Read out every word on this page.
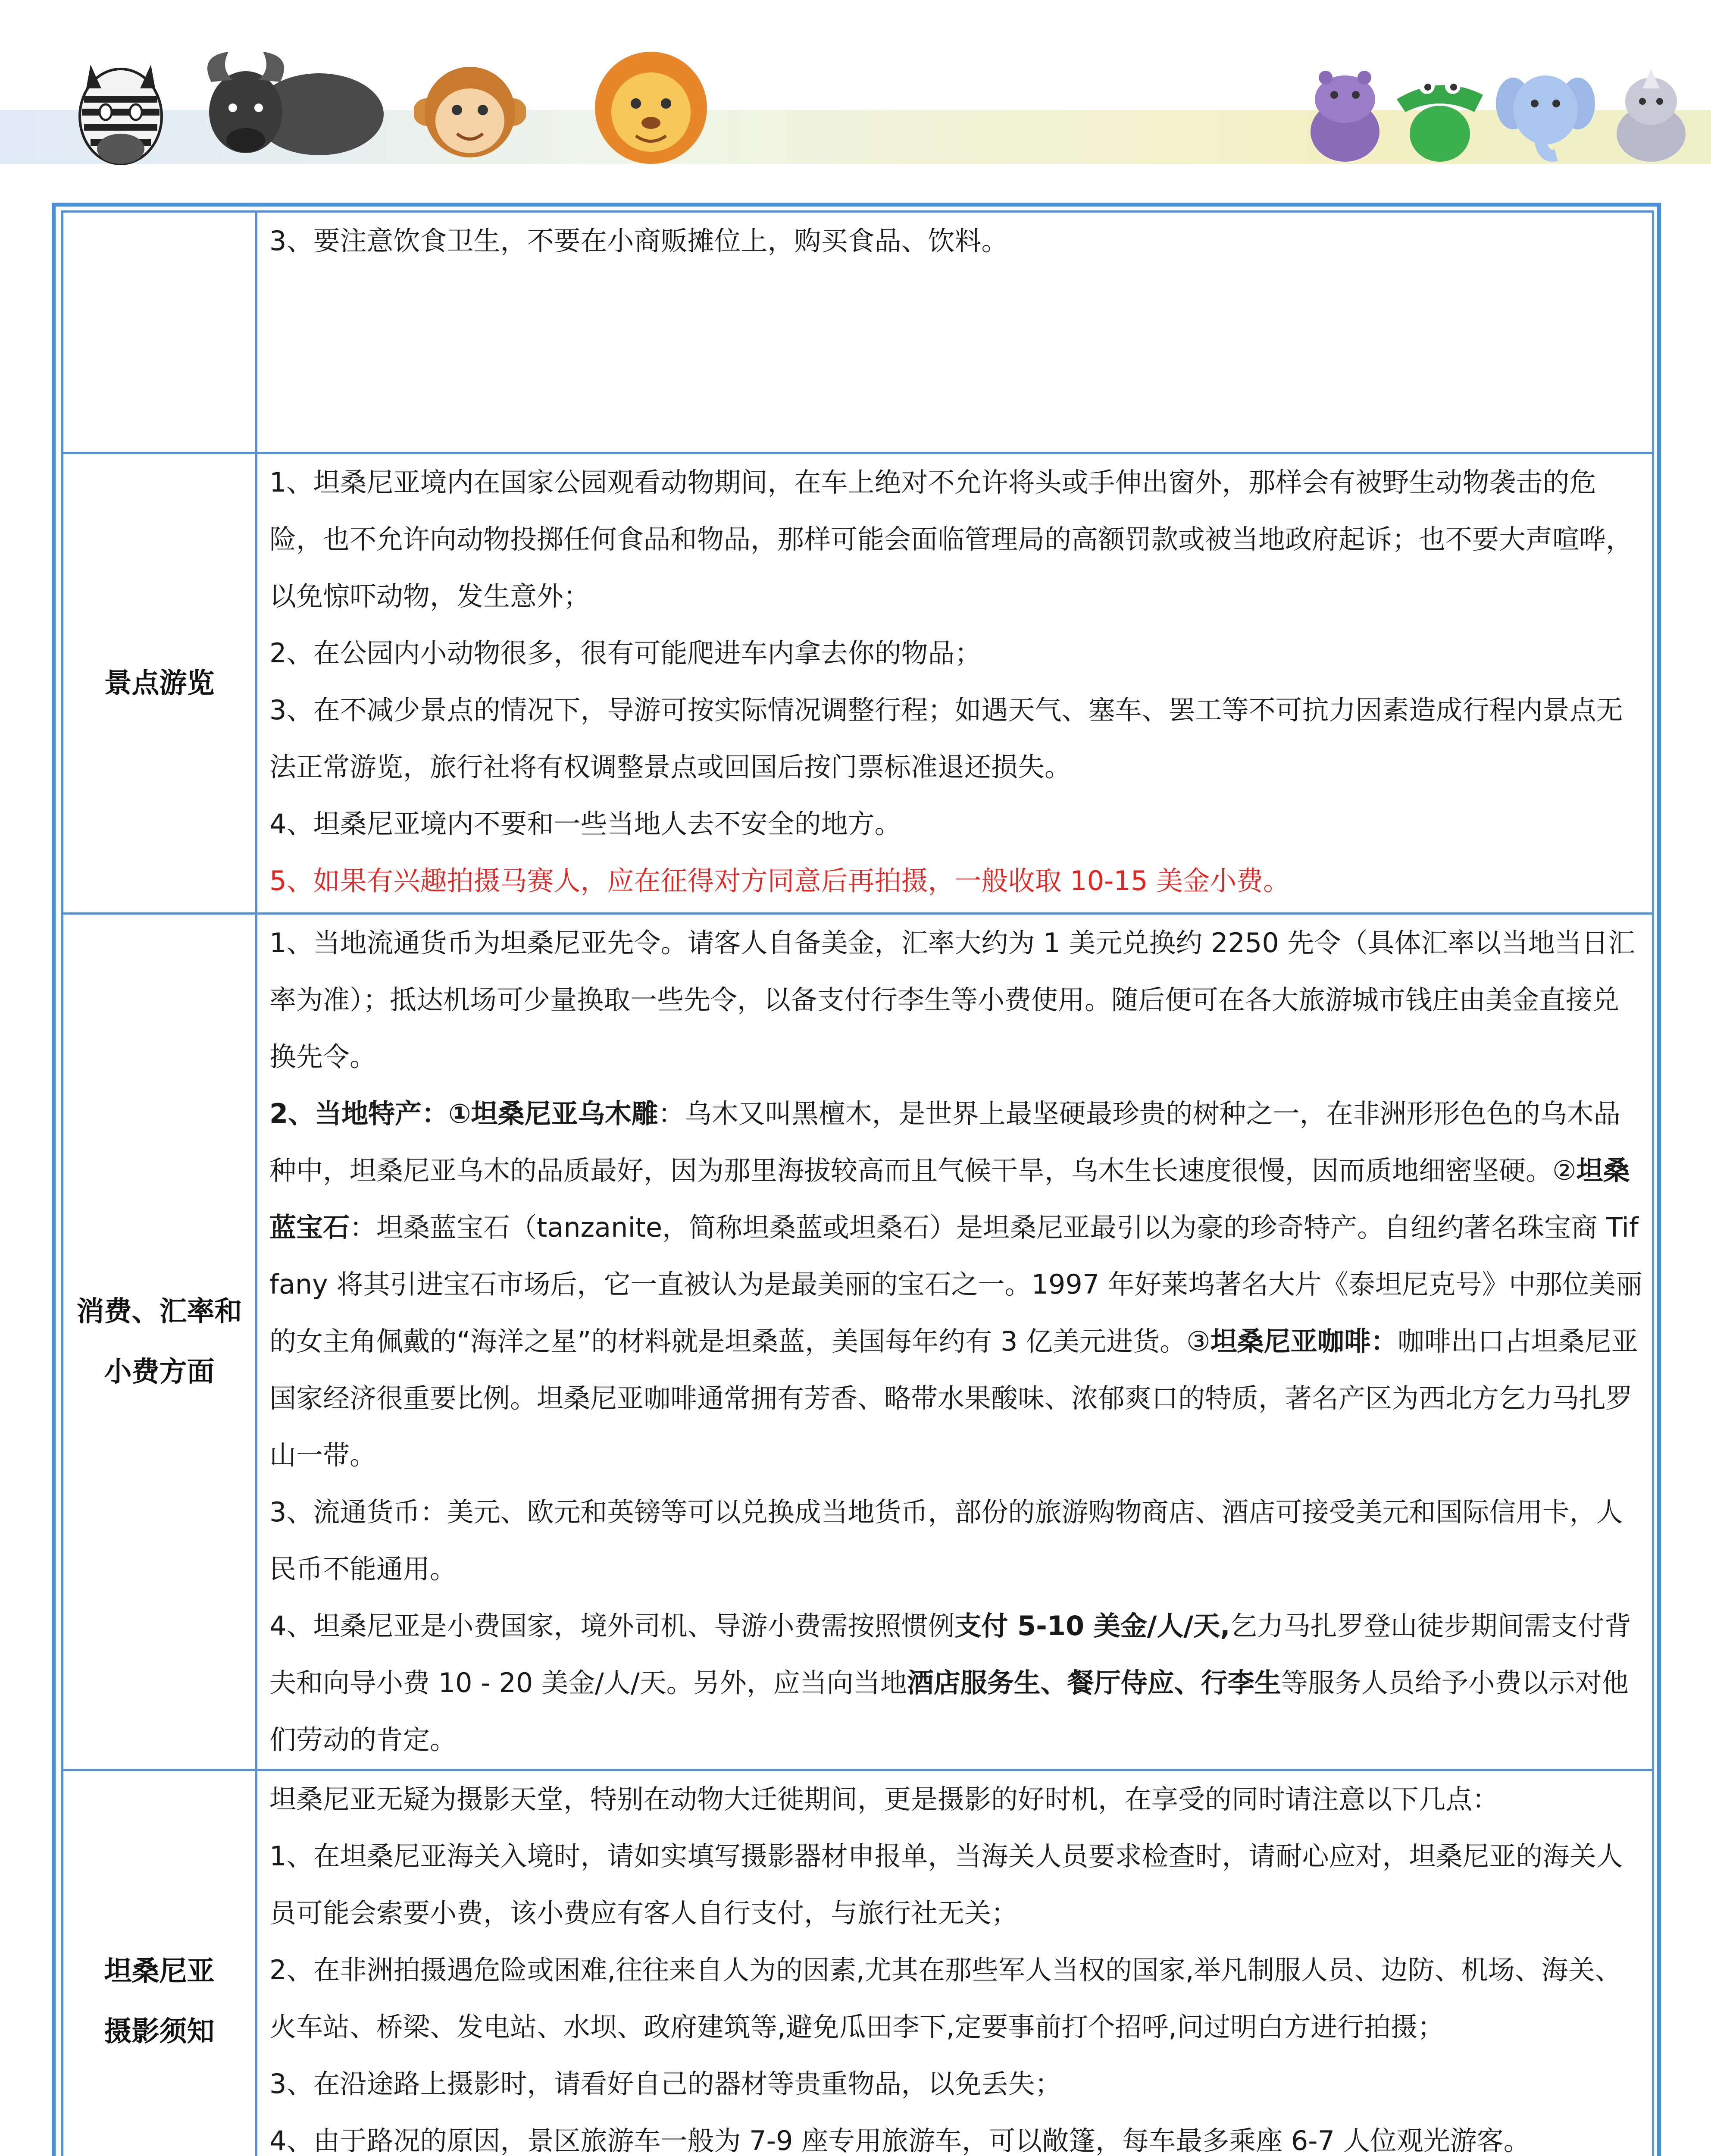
	3、要注意饮食卫生，不要在小商贩摊位上，购买食品、饮料。

景点游览	1、坦桑尼亚境内在国家公园观看动物期间，在车上绝对不允许将头或手伸出窗外，那样会有被野生动物袭击的危险，也不允许向动物投掷任何食品和物品，那样可能会面临管理局的高额罚款或被当地政府起诉；也不要大声喧哗，以免惊吓动物，发生意外；

2、在公园内小动物很多，很有可能爬进车内拿去你的物品；

3、在不减少景点的情况下，导游可按实际情况调整行程；如遇天气、塞车、罢工等不可抗力因素造成行程内景点无法正常游览，旅行社将有权调整景点或回国后按门票标准退还损失。

4、坦桑尼亚境内不要和一些当地人去不安全的地方。

5、如果有兴趣拍摄马赛人，应在征得对方同意后再拍摄，一般收取 10-15 美金小费。

消费、汇率和小费方面	1、当地流通货币为坦桑尼亚先令。请客人自备美金，汇率大约为 1 美元兑换约 2250 先令（具体汇率以当地当日汇率为准）；抵达机场可少量换取一些先令，以备支付行李生等小费使用。随后便可在各大旅游城市钱庄由美金直接兑换先令。

2、当地特产：①坦桑尼亚乌木雕：乌木又叫黑檀木，是世界上最坚硬最珍贵的树种之一，在非洲形形色色的乌木品种中，坦桑尼亚乌木的品质最好，因为那里海拔较高而且气候干旱，乌木生长速度很慢，因而质地细密坚硬。②坦桑蓝宝石：坦桑蓝宝石（tanzanite，简称坦桑蓝或坦桑石）是坦桑尼亚最引以为豪的珍奇特产。自纽约著名珠宝商 Tiffany 将其引进宝石市场后，它一直被认为是最美丽的宝石之一。1997 年好莱坞著名大片《泰坦尼克号》中那位美丽的女主角佩戴的“海洋之星”的材料就是坦桑蓝，美国每年约有 3 亿美元进货。③坦桑尼亚咖啡：咖啡出口占坦桑尼亚国家经济很重要比例。坦桑尼亚咖啡通常拥有芳香、略带水果酸味、浓郁爽口的特质，著名产区为西北方乞力马扎罗山一带。

3、流通货币：美元、欧元和英镑等可以兑换成当地货币，部份的旅游购物商店、酒店可接受美元和国际信用卡，人民币不能通用。

4、坦桑尼亚是小费国家，境外司机、导游小费需按照惯例支付 5-10 美金/人/天,乞力马扎罗登山徒步期间需支付背夫和向导小费 10 - 20 美金/人/天。另外，应当向当地酒店服务生、餐厅侍应、行李生等服务人员给予小费以示对他们劳动的肯定。

坦桑尼亚摄影须知	坦桑尼亚无疑为摄影天堂，特别在动物大迁徙期间，更是摄影的好时机，在享受的同时请注意以下几点：

1、在坦桑尼亚海关入境时，请如实填写摄影器材申报单，当海关人员要求检查时，请耐心应对，坦桑尼亚的海关人员可能会索要小费，该小费应有客人自行支付，与旅行社无关；

2、在非洲拍摄遇危险或困难,往往来自人为的因素,尤其在那些军人当权的国家,举凡制服人员、边防、机场、海关、火车站、桥梁、发电站、水坝、政府建筑等,避免瓜田李下,定要事前打个招呼,问过明白方进行拍摄；

3、在沿途路上摄影时，请看好自己的器材等贵重物品，以免丢失；

4、由于路况的原因，景区旅游车一般为 7-9 座专用旅游车，可以敞篷，每车最多乘座 6-7 人位观光游客。
